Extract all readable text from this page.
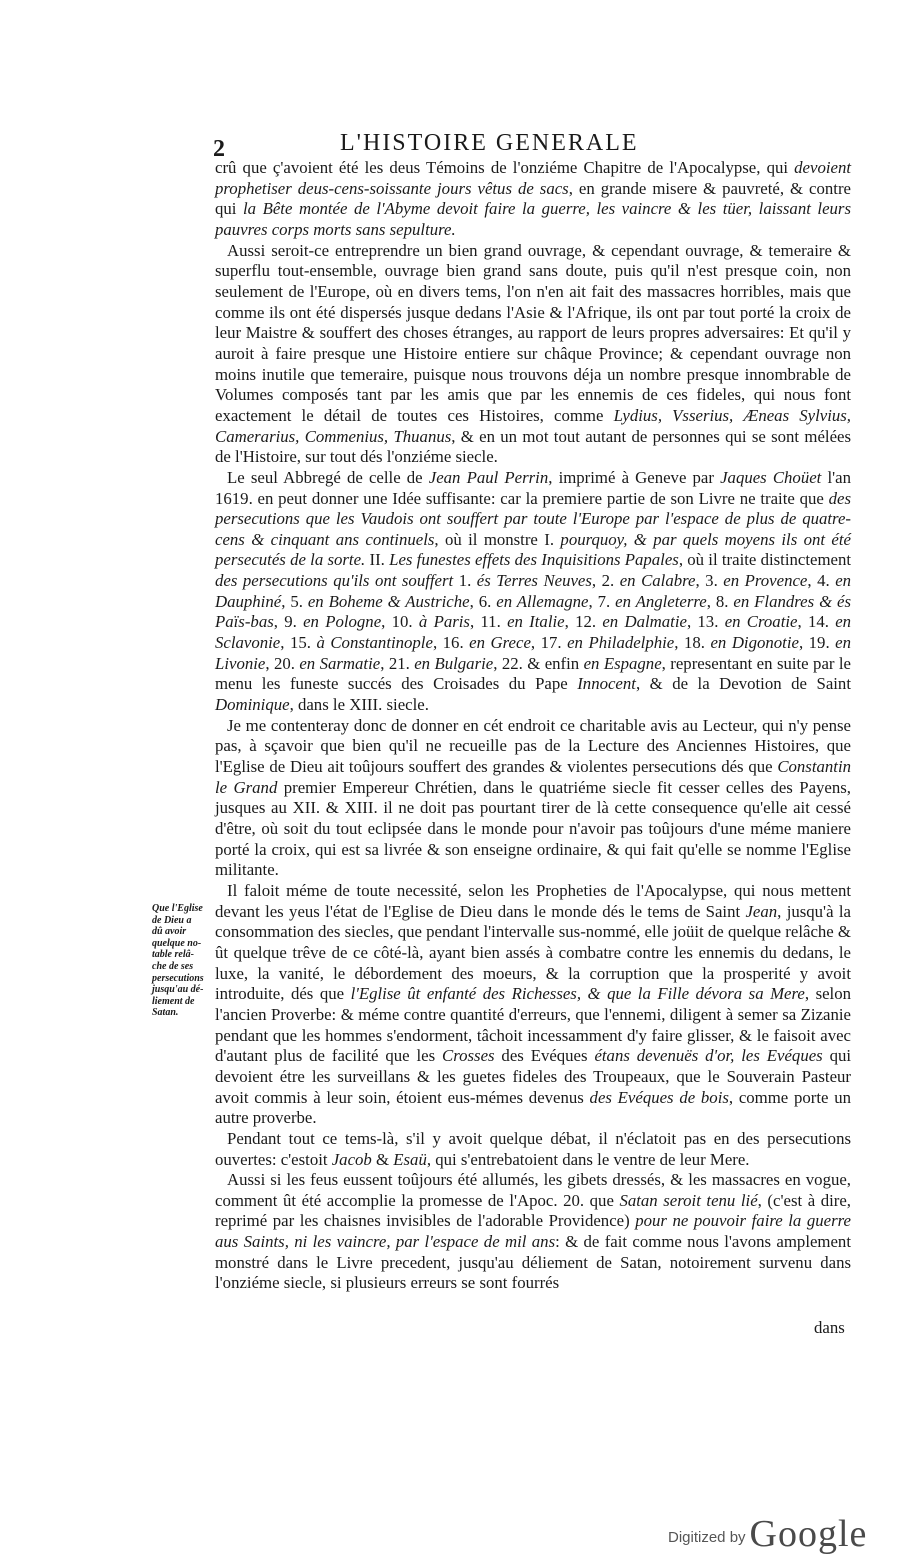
2	L'HISTOIRE GENERALE
Que l'Eglise
de Dieu a
dû avoir
quelque no-
table relâ-
che de ses
persecutions
jusqu'au dé-
liement de
Satan.

crû que ç'avoient été les deus Témoins de l'onziéme Chapitre de l'Apocalypse, qui devoient prophetiser deus-cens-soissante jours vêtus de sacs, en grande misere & pauvreté, & contre qui la Bête montée de l'Abyme devoit faire la guerre, les vaincre & les tüer, laissant leurs pauvres corps morts sans sepulture.

Aussi seroit-ce entreprendre un bien grand ouvrage, & cependant ouvrage, & temeraire & superflu tout-ensemble, ouvrage bien grand sans doute, puis qu'il n'est presque coin, non seulement de l'Europe, où en divers tems, l'on n'en ait fait des massacres horribles, mais que comme ils ont été dispersés jusque dedans l'Asie & l'Afrique, ils ont par tout porté la croix de leur Maistre & souffert des choses étranges, au rapport de leurs propres adversaires: Et qu'il y auroit à faire presque une Histoire entiere sur châque Province; & cependant ouvrage non moins inutile que temeraire, puisque nous trouvons déja un nombre presque innombrable de Volumes composés tant par les amis que par les ennemis de ces fideles, qui nous font exactement le détail de toutes ces Histoires, comme Lydius, Vsserius, Æneas Sylvius, Camerarius, Commenius, Thuanus, & en un mot tout autant de personnes qui se sont mélées de l'Histoire, sur tout dés l'onziéme siecle.

Le seul Abbregé de celle de Jean Paul Perrin, imprimé à Geneve par Jaques Choüet l'an 1619. en peut donner une Idée suffisante: car la premiere partie de son Livre ne traite que des persecutions que les Vaudois ont souffert par toute l'Europe par l'espace de plus de quatre-cens & cinquant ans continuels, où il monstre I. pourquoy, & par quels moyens ils ont été persecutés de la sorte. II. Les funestes effets des Inquisitions Papales, où il traite distinctement des persecutions qu'ils ont souffert 1. és Terres Neuves, 2. en Calabre, 3. en Provence, 4. en Dauphiné, 5. en Boheme & Austriche, 6. en Allemagne, 7. en Angleterre, 8. en Flandres & és Païs-bas, 9. en Pologne, 10. à Paris, 11. en Italie, 12. en Dalmatie, 13. en Croatie, 14. en Sclavonie, 15. à Constantinople, 16. en Grece, 17. en Philadelphie, 18. en Digonotie, 19. en Livonie, 20. en Sarmatie, 21. en Bulgarie, 22. & enfin en Espagne, representant en suite par le menu les funeste succés des Croisades du Pape Innocent, & de la Devotion de Saint Dominique, dans le XIII. siecle.

Je me contenteray donc de donner en cét endroit ce charitable avis au Lecteur, qui n'y pense pas, à sçavoir que bien qu'il ne recueille pas de la Lecture des Anciennes Histoires, que l'Eglise de Dieu ait toûjours souffert des grandes & violentes persecutions dés que Constantin le Grand premier Empereur Chrétien, dans le quatriéme siecle fit cesser celles des Payens, jusques au XII. & XIII. il ne doit pas pourtant tirer de là cette consequence qu'elle ait cessé d'être, où soit du tout eclipsée dans le monde pour n'avoir pas toûjours d'une méme maniere porté la croix, qui est sa livrée & son enseigne ordinaire, & qui fait qu'elle se nomme l'Eglise militante.

Il faloit méme de toute necessité, selon les Propheties de l'Apocalypse, qui nous mettent devant les yeus l'état de l'Eglise de Dieu dans le monde dés le tems de Saint Jean, jusqu'à la consommation des siecles, que pendant l'intervalle sus-nommé, elle joüit de quelque relâche & ût quelque trêve de ce côté-là, ayant bien assés à combatre contre les ennemis du dedans, le luxe, la vanité, le débordement des moeurs, & la corruption que la prosperité y avoit introduite, dés que l'Eglise ût enfanté des Richesses, & que la Fille dévora sa Mere, selon l'ancien Proverbe: & méme contre quantité d'erreurs, que l'ennemi, diligent à semer sa Zizanie pendant que les hommes s'endorment, tâchoit incessamment d'y faire glisser, & le faisoit avec d'autant plus de facilité que les Crosses des Evéques étans devenuës d'or, les Evéques qui devoient étre les surveillans & les guetes fideles des Troupeaux, que le Souverain Pasteur avoit commis à leur soin, étoient eus-mémes devenus des Evéques de bois, comme porte un autre proverbe.

Pendant tout ce tems-là, s'il y avoit quelque débat, il n'éclatoit pas en des persecutions ouvertes: c'estoit Jacob & Esaü, qui s'entrebatoient dans le ventre de leur Mere.

Aussi si les feus eussent toûjours été allumés, les gibets dressés, & les massacres en vogue, comment ût été accomplie la promesse de l'Apoc. 20. que Satan seroit tenu lié, (c'est à dire, reprimé par les chaisnes invisibles de l'adorable Providence) pour ne pouvoir faire la guerre aus Saints, ni les vaincre, par l'espace de mil ans: & de fait comme nous l'avons amplement monstré dans le Livre precedent, jusqu'au déliement de Satan, notoirement survenu dans l'onziéme siecle, si plusieurs erreurs se sont fourrés

dans
Digitized by Google
